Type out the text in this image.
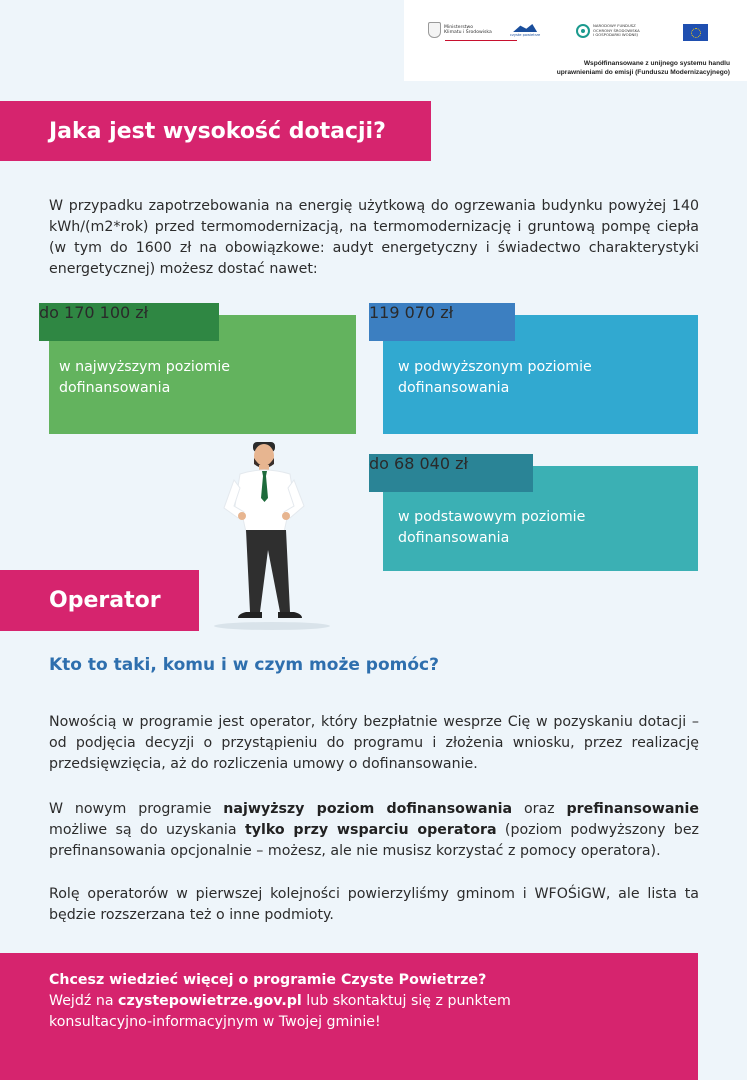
Ministerstwo
Klimatu i Środowiska	czyste powietrze
NARODOWY FUNDUSZ
OCHRONY ŚRODOWISKA
I GOSPODARKI WODNEJ
Współfinansowane z unijnego systemu handlu
uprawnieniami do emisji (Funduszu Modernizacyjnego)
Jaka jest wysokość dotacji?

W przypadku zapotrzebowania na energię użytkową do ogrzewania budynku powyżej 140 kWh/(m2*rok) przed termomodernizacją, na termomodernizację i gruntową pompę ciepła (w tym do 1600 zł na obowiązkowe: audyt energetyczny i świadectwo charakterystyki energetycznej) możesz dostać nawet:

w najwyższym poziomie
dofinansowania

do 170 100 zł

w podwyższonym poziomie
dofinansowania

119 070 zł

w podstawowym poziomie
dofinansowania

do 68 040 zł
Operator
Kto to taki, komu i w czym może pomóc?

Nowością w programie jest operator, który bezpłatnie wesprze Cię w pozyskaniu dotacji – od podjęcia decyzji o przystąpieniu do programu i złożenia wniosku, przez realizację przedsięwzięcia, aż do rozliczenia umowy o dofinansowanie.

W nowym programie najwyższy poziom dofinansowania oraz prefinansowanie możliwe są do uzyskania tylko przy wsparciu operatora (poziom podwyższony bez prefinansowania opcjonalnie – możesz, ale nie musisz korzystać z pomocy operatora).

Rolę operatorów w pierwszej kolejności powierzyliśmy gminom i WFOŚiGW, ale lista ta będzie rozszerzana też o inne podmioty.

Chcesz wiedzieć więcej o programie Czyste Powietrze?
Wejdź na czystepowietrze.gov.pl lub skontaktuj się z punktem
konsultacyjno-informacyjnym w Twojej gminie!
